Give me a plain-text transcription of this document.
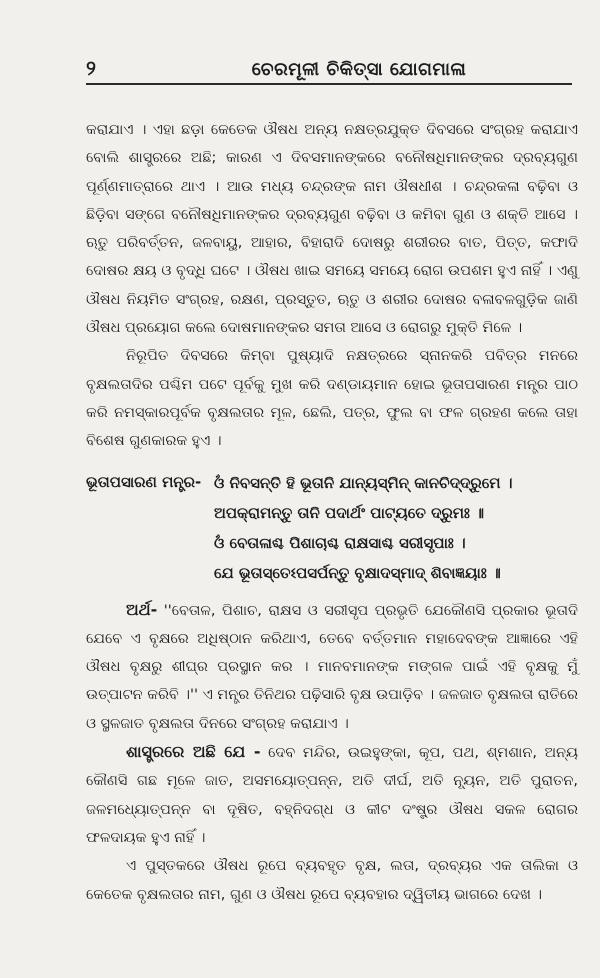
୨	ଚେରମୂଳୀ ଚିକିତ୍ସା ଯୋଗମାଳା

କରାଯାଏ । ଏହା ଛଡ଼ା କେତେକ ଔଷଧ ଅନ୍ୟ ନକ୍ଷତ୍ରଯୁକ୍ତ ଦିବସରେ ସଂଗ୍ରହ କରାଯାଏ ବୋଲି ଶାସ୍ତ୍ରରେ ଅଛି; କାରଣ ଏ ଦିବସମାନଙ୍କରେ ବନୌଷଧିମାନଙ୍କର ଦ୍ରବ୍ୟଗୁଣ ପୂର୍ଣ୍ଣମାତ୍ରାରେ ଥାଏ । ଆଉ ମଧ୍ୟ ଚନ୍ଦ୍ରଙ୍କ ନାମ ଔଷଧୀଶ । ଚନ୍ଦ୍ରକଳା ବଢ଼ିବା ଓ ଛିଡ଼ିବା ସଙ୍ଗେ ବନୌଷଧିମାନଙ୍କର ଦ୍ରବ୍ୟଗୁଣ ବଢ଼ିବା ଓ କମିବା ଗୁଣ ଓ ଶକ୍ତି ଆସେ । ଋତୁ ପରିବର୍ତ୍ତନ, ଜଳବାୟୁ, ଆହାର, ବିହାରାଦି ଦୋଷରୁ ଶରୀରର ବାତ, ପିତ୍ତ, କଫାଦି ଦୋଷର କ୍ଷୟ ଓ ବୃଦ୍ଧି ଘଟେ । ଔଷଧ ଖାଇ ସମୟେ ସମୟେ ରୋଗ ଉପଶମ ହୁଏ ନାହିଁ । ଏଣୁ ଔଷଧ ନିୟମିତ ସଂଗ୍ରହ, ରକ୍ଷଣ, ପ୍ରସ୍ତୁତ, ଋତୁ ଓ ଶରୀର ଦୋଷର ବଳାବଳଗୁଡ଼ିକ ଜାଣି ଔଷଧ ପ୍ରୟୋଗ କଲେ ଦୋଷମାନଙ୍କର ସମତା ଆସେ ଓ ରୋଗରୁ ମୁକ୍ତି ମିଳେ ।

ନିରୂପିତ ଦିବସରେ କିମ୍ବା ପୁଷ୍ୟାଦି ନକ୍ଷତ୍ରରେ ସ୍ନାନକରି ପବିତ୍ର ମନରେ ବୃକ୍ଷଲତାଦିର ପଶ୍ଚିମ ପଟେ ପୂର୍ବକୁ ମୁଖ କରି ଦଣ୍ଡାୟମାନ ହୋଇ ଭୂତାପସାରଣ ମନ୍ତ୍ର ପାଠ କରି ନମସ୍କାରପୂର୍ବକ ବୃକ୍ଷଲତାର ମୂଳ, ଛେଲି, ପତ୍ର, ଫୁଲ ବା ଫଳ ଗ୍ରହଣ କଲେ ତାହା ବିଶେଷ ଗୁଣକାରକ ହୁଏ ।

ଭୂତାପସାରଣ ମନ୍ତ୍ର- ଓଁ ନିବସନ୍ତି ହି ଭୂତାନି ଯାନ୍ୟସ୍ମିନ୍ କାନଚିଦ୍‌ଦ୍ରୁମେ ।
ଅପକ୍ରାମନ୍ତୁ ତାନି ପଦାର୍ଥଂ ପାଟ୍ୟତେ ଦ୍ରୁମଃ ॥
ଓଁ ବେତାଳାଶ୍ଚ ପିଶାଚାଶ୍ଚ ରାକ୍ଷସାଶ୍ଚ ସରୀସୃପାଃ ।
ଯେ ଭୂତାସ୍ତେଽପସର୍ପନ୍ତୁ ବୃକ୍ଷାଦସ୍ମାଦ୍ ଶିବାଜ୍ଞୟାଃ ॥

ଅର୍ଥ- ''ବେତାଳ, ପିଶାଚ, ରାକ୍ଷସ ଓ ସରୀସୃପ ପ୍ରଭୃତି ଯେକୌଣସି ପ୍ରକାର ଭୂତାଦି ଯେବେ ଏ ବୃକ୍ଷରେ ଅଧିଷ୍ଠାନ କରିଥାଏ, ତେବେ ବର୍ତ୍ତମାନ ମହାଦେବଙ୍କ ଆଜ୍ଞାରେ ଏହି ଔଷଧ ବୃକ୍ଷରୁ ଶୀଘ୍ର ପ୍ରସ୍ଥାନ କର । ମାନବମାନଙ୍କ ମଙ୍ଗଳ ପାଇଁ ଏହି ବୃକ୍ଷକୁ ମୁଁ ଉତ୍ପାଟନ କରିବି ।'' ଏ ମନ୍ତ୍ର ତିନିଥର ପଢ଼ିସାରି ବୃକ୍ଷ ଉପାଡ଼ିବ । ଜଳଜାତ ବୃକ୍ଷଲତା ରାତିରେ ଓ ସ୍ଥଳଜାତ ବୃକ୍ଷଲତା ଦିନରେ ସଂଗ୍ରହ କରାଯାଏ ।

ଶାସ୍ତ୍ରରେ ଅଛି ଯେ - ଦେବ ମନ୍ଦିର, ଉଇହୁଙ୍କା, କୂପ, ପଥ, ଶ୍ମଶାନ, ଅନ୍ୟ କୌଣସି ଗଛ ମୂଳେ ଜାତ, ଅସମୟୋତ୍ପନ୍ନ, ଅତି ଦୀର୍ଘ, ଅତି ନ୍ୟୂନ, ଅତି ପୁରାତନ, ଜଳମଧ୍ୟୋତ୍ପନ୍ନ ବା ଦୂଷିତ, ବହ୍ନିଦଗ୍ଧ ଓ କୀଟ ଦଂଷ୍ଟ୍ର ଔଷଧ ସକଳ ରୋଗର ଫଳଦାୟକ ହୁଏ ନାହିଁ ।

ଏ ପୁସ୍ତକରେ ଔଷଧ ରୂପେ ବ୍ୟବହୃତ ବୃକ୍ଷ, ଲତା, ଦ୍ରବ୍ୟର ଏକ ତାଲିକା ଓ କେତେକ ବୃକ୍ଷଲତାର ନାମ, ଗୁଣ ଓ ଔଷଧ ରୂପେ ବ୍ୟବହାର ଦ୍ୱିତୀୟ ଭାଗରେ ଦେଖ ।
